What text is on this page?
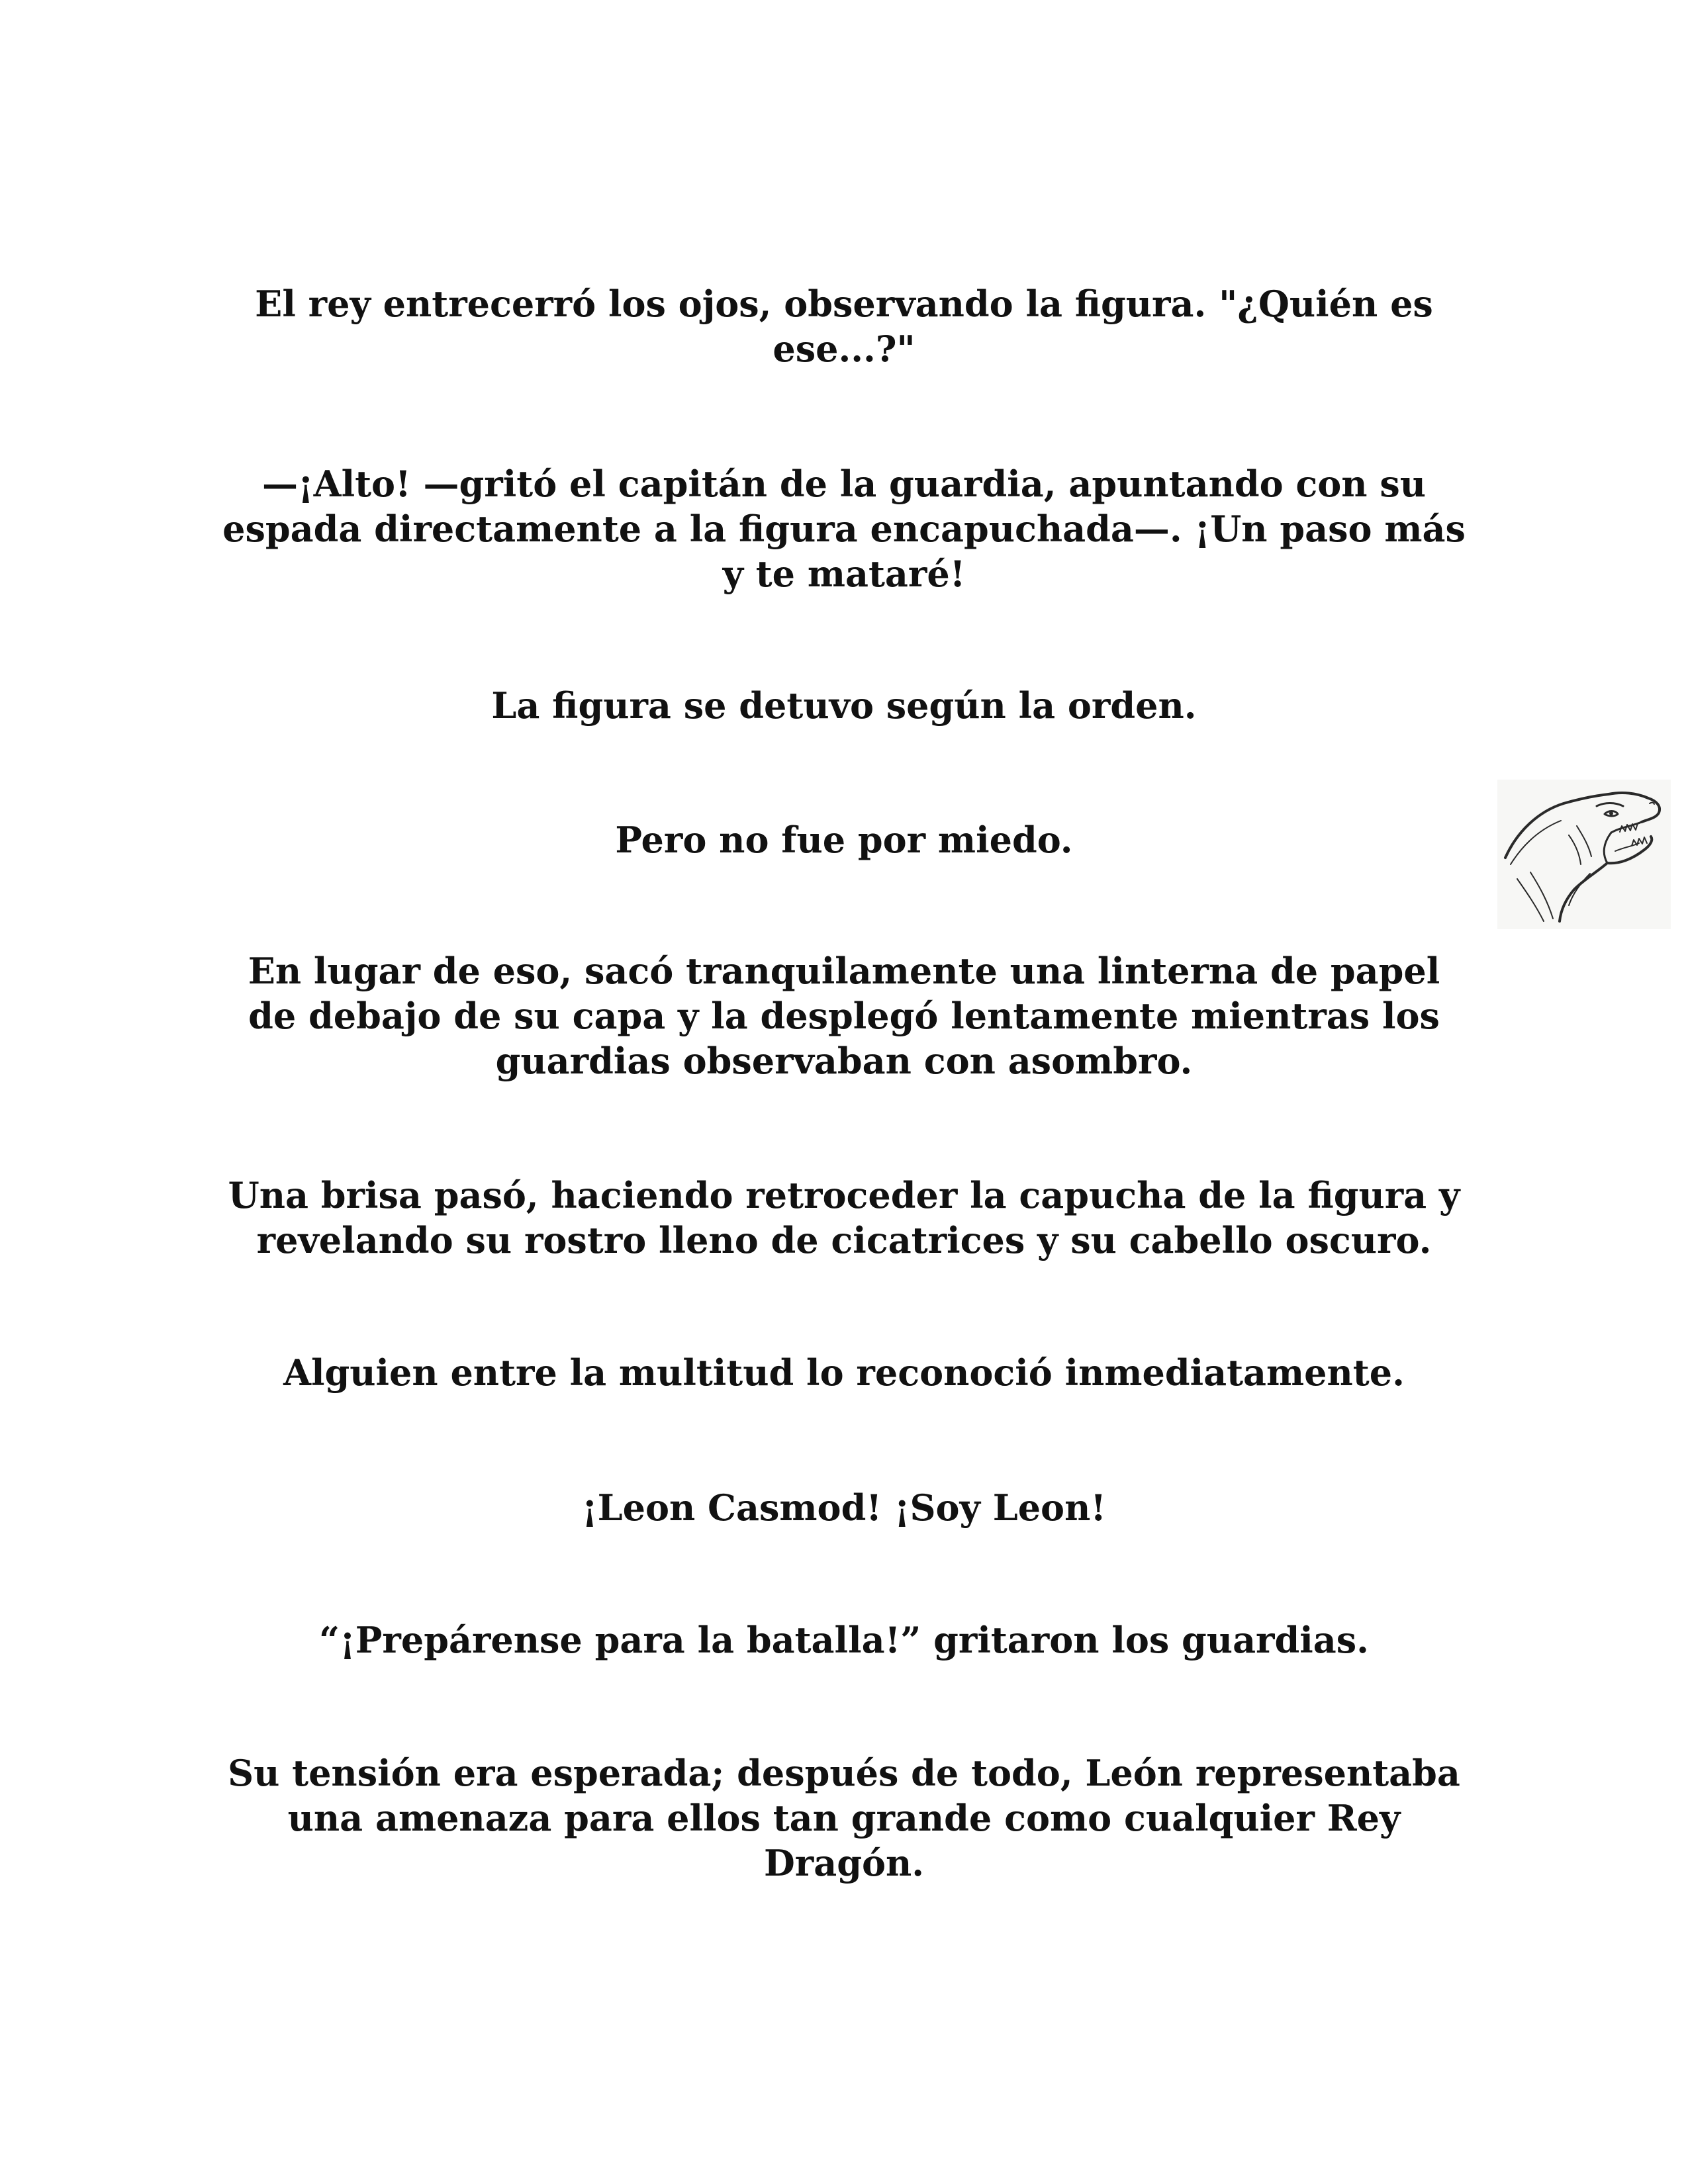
El rey entrecerró los ojos, observando la figura. "¿Quién es ese...?"

—¡Alto! —gritó el capitán de la guardia, apuntando con su espada directamente a la figura encapuchada—. ¡Un paso más y te mataré!

La figura se detuvo según la orden.

Pero no fue por miedo.

En lugar de eso, sacó tranquilamente una linterna de papel de debajo de su capa y la desplegó lentamente mientras los guardias observaban con asombro.

Una brisa pasó, haciendo retroceder la capucha de la figura y revelando su rostro lleno de cicatrices y su cabello oscuro.

Alguien entre la multitud lo reconoció inmediatamente.

¡Leon Casmod! ¡Soy Leon!

“¡Prepárense para la batalla!” gritaron los guardias.

Su tensión era esperada; después de todo, León representaba una amenaza para ellos tan grande como cualquier Rey Dragón.
